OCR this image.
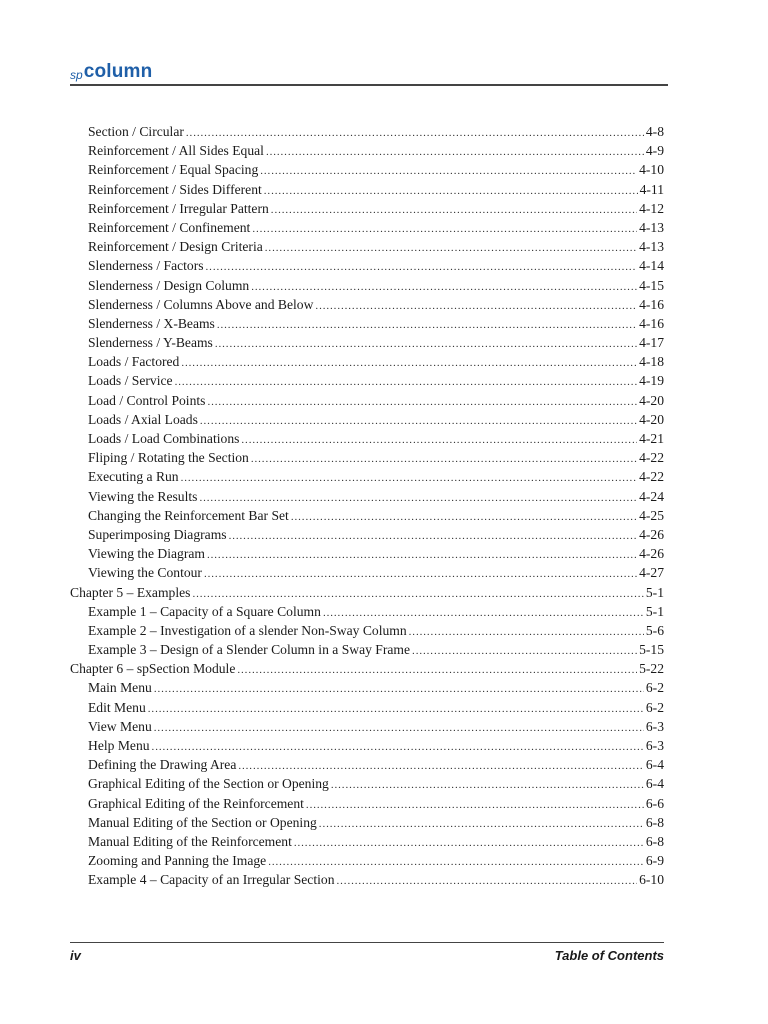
sp column
Section / Circular .....	4-8
Reinforcement / All Sides Equal .....	4-9
Reinforcement / Equal Spacing .....	4-10
Reinforcement / Sides Different .....	4-11
Reinforcement / Irregular Pattern .....	4-12
Reinforcement / Confinement .....	4-13
Reinforcement / Design Criteria .....	4-13
Slenderness / Factors .....	4-14
Slenderness / Design Column .....	4-15
Slenderness / Columns Above and Below .....	4-16
Slenderness / X-Beams .....	4-16
Slenderness / Y-Beams .....	4-17
Loads / Factored .....	4-18
Loads / Service .....	4-19
Load / Control Points .....	4-20
Loads / Axial Loads .....	4-20
Loads / Load Combinations .....	4-21
Fliping / Rotating the Section .....	4-22
Executing a Run .....	4-22
Viewing the Results .....	4-24
Changing the Reinforcement Bar Set .....	4-25
Superimposing Diagrams .....	4-26
Viewing the Diagram .....	4-26
Viewing the Contour .....	4-27
Chapter 5 – Examples .....	5-1
Example 1 – Capacity of a Square Column .....	5-1
Example 2 – Investigation of a slender Non-Sway Column .....	5-6
Example 3 – Design of a Slender Column in a Sway Frame .....	5-15
Chapter 6 – spSection Module .....	5-22
Main Menu .....	6-2
Edit Menu .....	6-2
View Menu .....	6-3
Help Menu .....	6-3
Defining the Drawing Area .....	6-4
Graphical Editing of the Section or Opening .....	6-4
Graphical Editing of the Reinforcement .....	6-6
Manual Editing of the Section or Opening .....	6-8
Manual Editing of the Reinforcement .....	6-8
Zooming and Panning the Image .....	6-9
Example 4 – Capacity of an Irregular Section .....	6-10
iv	Table of Contents
